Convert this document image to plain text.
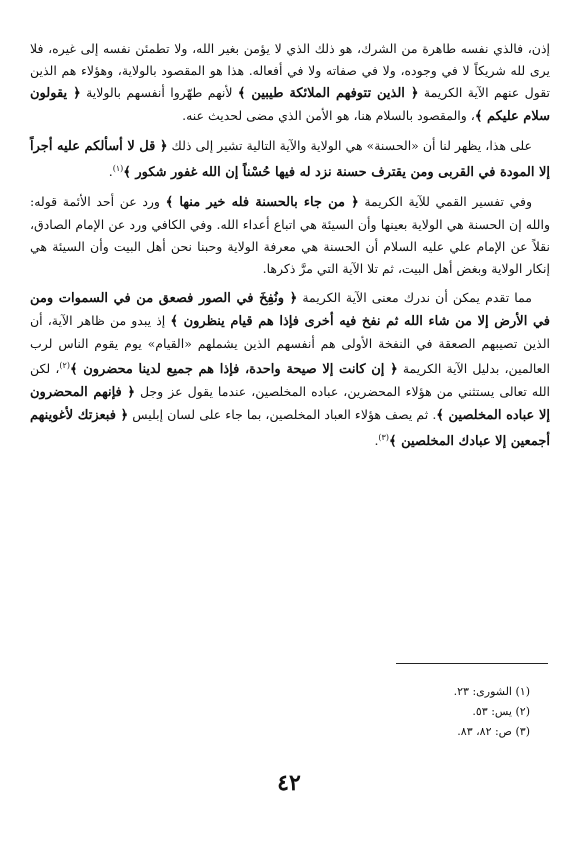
إذن، فالذي نفسه طاهرة من الشرك، هو ذلك الذي لا يؤمن بغير الله، ولا تطمئن نفسه إلى غيره، فلا يرى لله شريكاً لا في وجوده، ولا في صفاته ولا في أفعاله. هذا هو المقصود بالولاية، وهؤلاء هم الذين تقول عنهم الآية الكريمة ﴿ الذين تتوفهم الملائكة طيبين ﴾ لأنهم طهّروا أنفسهم بالولاية ﴿ يقولون سلام عليكم ﴾، والمقصود بالسلام هنا، هو الأمن الذي مضى لحديث عنه.

على هذا، يظهر لنا أن «الحسنة» هي الولاية والآية التالية تشير إلى ذلك ﴿ قل لا أسألكم عليه أجراً إلا المودة في القربى ومن يقترف حسنة نزد له فيها حُسْناً إن الله غفور شكور ﴾$^{(١)}$.

وفي تفسير القمي للآية الكريمة ﴿ من جاء بالحسنة فله خير منها ﴾ ورد عن أحد الأئمة قوله: والله إن الحسنة هي الولاية بعينها وأن السيئة هي اتباع أعداء الله. وفي الكافي ورد عن الإمام الصادق، نقلاً عن الإمام علي عليه السلام أن الحسنة هي معرفة الولاية وحبنا نحن أهل البيت وأن السيئة هي إنكار الولاية وبغض أهل البيت، ثم تلا الآية التي مرَّ ذكرها.

مما تقدم يمكن أن ندرك معنى الآية الكريمة ﴿ ونُفِخَ في الصور فصعق من في السموات ومن في الأرض إلا من شاء الله ثم نفخ فيه أخرى فإذا هم قيام ينظرون ﴾ إذ يبدو من ظاهر الآية، أن الذين تصيبهم الصعقة في النفخة الأولى هم أنفسهم الذين يشملهم «القيام» يوم يقوم الناس لرب العالمين، بدليل الآية الكريمة ﴿ إن كانت إلا صيحة واحدة، فإذا هم جميع لدينا محضرون ﴾$^{(٢)}$، لكن الله تعالى يستثني من هؤلاء المحضرين، عباده المخلصين، عندما يقول عز وجل ﴿ فإنهم المحضرون إلا عباده المخلصين ﴾. ثم يصف هؤلاء العباد المخلصين، بما جاء على لسان إبليس ﴿ فبعزتك لأغوينهم أجمعين إلا عبادك المخلصين ﴾$^{(٣)}$.

(١) الشورى: ٢٣.
(٢) يس: ٥٣.
(٣) ص: ٨٢، ٨٣.
٤٢
